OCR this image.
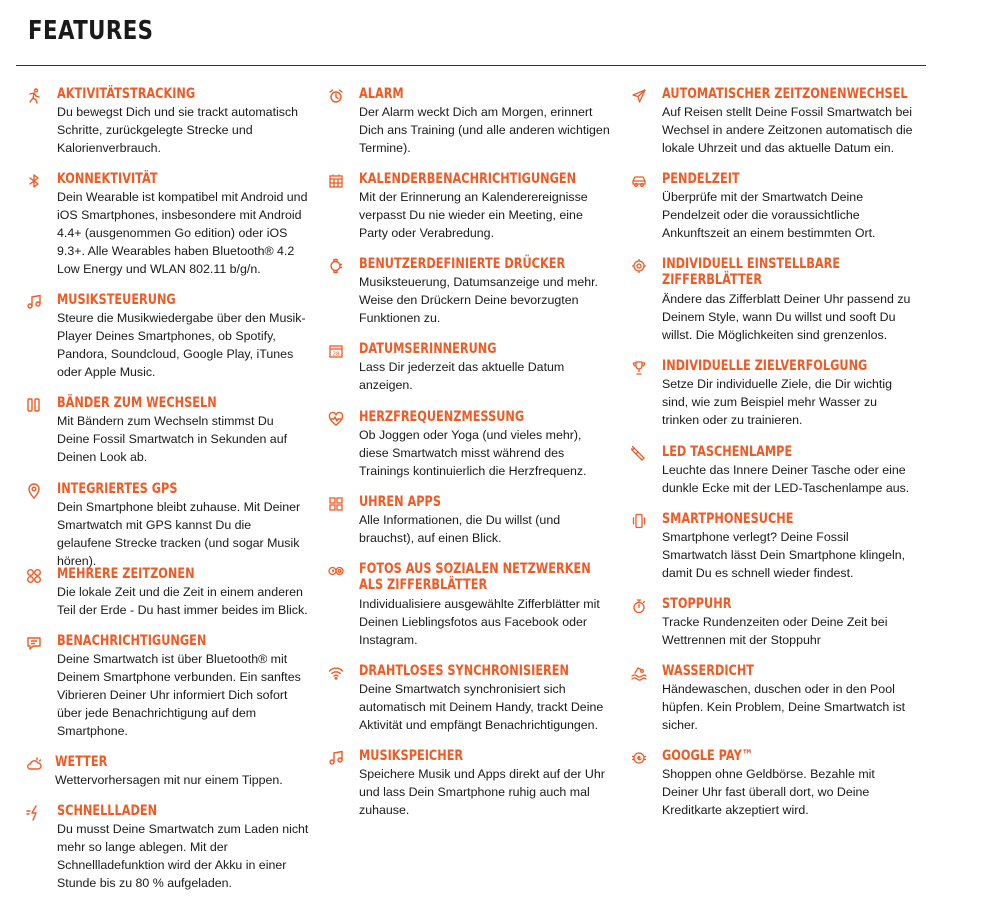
FEATURES
AKTIVITÄTSTRACKING
Du bewegst Dich und sie trackt automatisch Schritte, zurückgelegte Strecke und Kalorienverbrauch.
KONNEKTIVITÄT
Dein Wearable ist kompatibel mit Android und iOS Smartphones, insbesondere mit Android 4.4+ (ausgenommen Go edition) oder iOS 9.3+. Alle Wearables haben Bluetooth® 4.2 Low Energy und WLAN 802.11 b/g/n.
MUSIKSTEUERUNG
Steure die Musikwiedergabe über den Musik-Player Deines Smartphones, ob Spotify, Pandora, Soundcloud, Google Play, iTunes oder Apple Music.
BÄNDER ZUM WECHSELN
Mit Bändern zum Wechseln stimmst Du Deine Fossil Smartwatch in Sekunden auf Deinen Look ab.
INTEGRIERTES GPS
Dein Smartphone bleibt zuhause. Mit Deiner Smartwatch mit GPS kannst Du die gelaufene Strecke tracken (und sogar Musik hören).
MEHRERE ZEITZONEN
Die lokale Zeit und die Zeit in einem anderen Teil der Erde - Du hast immer beides im Blick.
BENACHRICHTIGUNGEN
Deine Smartwatch ist über Bluetooth® mit Deinem Smartphone verbunden. Ein sanftes Vibrieren Deiner Uhr informiert Dich sofort über jede Benachrichtigung auf dem Smartphone.
WETTER
Wettervorhersagen mit nur einem Tippen.
SCHNELLLADEN
Du musst Deine Smartwatch zum Laden nicht mehr so lange ablegen. Mit der Schnellladefunktion wird der Akku in einer Stunde bis zu 80 % aufgeladen.
ALARM
Der Alarm weckt Dich am Morgen, erinnert Dich ans Training (und alle anderen wichtigen Termine).
KALENDERBENACHRICHTIGUNGEN
Mit der Erinnerung an Kalenderereignisse verpasst Du nie wieder ein Meeting, eine Party oder Verabredung.
BENUTZERDEFINIERTE DRÜCKER
Musiksteuerung, Datumsanzeige und mehr. Weise den Drückern Deine bevorzugten Funktionen zu.
28 DATUMSERINNERUNG
Lass Dir jederzeit das aktuelle Datum anzeigen.
HERZFREQUENZMESSUNG
Ob Joggen oder Yoga (und vieles mehr), diese Smartwatch misst während des Trainings kontinuierlich die Herzfrequenz.
UHREN APPS
Alle Informationen, die Du willst (und brauchst), auf einen Blick.
FOTOS AUS SOZIALEN NETZWERKEN ALS ZIFFERBLÄTTER
Individualisiere ausgewählte Zifferblätter mit Deinen Lieblingsfotos aus Facebook oder Instagram.
DRAHTLOSES SYNCHRONISIEREN
Deine Smartwatch synchronisiert sich automatisch mit Deinem Handy, trackt Deine Aktivität und empfängt Benachrichtigungen.
MUSIKSPEICHER
Speichere Musik und Apps direkt auf der Uhr und lass Dein Smartphone ruhig auch mal zuhause.
AUTOMATISCHER ZEITZONENWECHSEL
Auf Reisen stellt Deine Fossil Smartwatch bei Wechsel in andere Zeitzonen automatisch die lokale Uhrzeit und das aktuelle Datum ein.
PENDELZEIT
Überprüfe mit der Smartwatch Deine Pendelzeit oder die voraussichtliche Ankunftszeit an einem bestimmten Ort.
INDIVIDUELL EINSTELLBARE ZIFFERBLÄTTER
Ändere das Zifferblatt Deiner Uhr passend zu Deinem Style, wann Du willst und sooft Du willst. Die Möglichkeiten sind grenzenlos.
INDIVIDUELLE ZIELVERFOLGUNG
Setze Dir individuelle Ziele, die Dir wichtig sind, wie zum Beispiel mehr Wasser zu trinken oder zu trainieren.
LED TASCHENLAMPE
Leuchte das Innere Deiner Tasche oder eine dunkle Ecke mit der LED-Taschenlampe aus.
SMARTPHONESUCHE
Smartphone verlegt? Deine Fossil Smartwatch lässt Dein Smartphone klingeln, damit Du es schnell wieder findest.
STOPPUHR
Tracke Rundenzeiten oder Deine Zeit bei Wettrennen mit der Stoppuhr
WASSERDICHT
Händewaschen, duschen oder in den Pool hüpfen. Kein Problem, Deine Smartwatch ist sicher.
GOOGLE PAY™
Shoppen ohne Geldbörse. Bezahle mit Deiner Uhr fast überall dort, wo Deine Kreditkarte akzeptiert wird.
